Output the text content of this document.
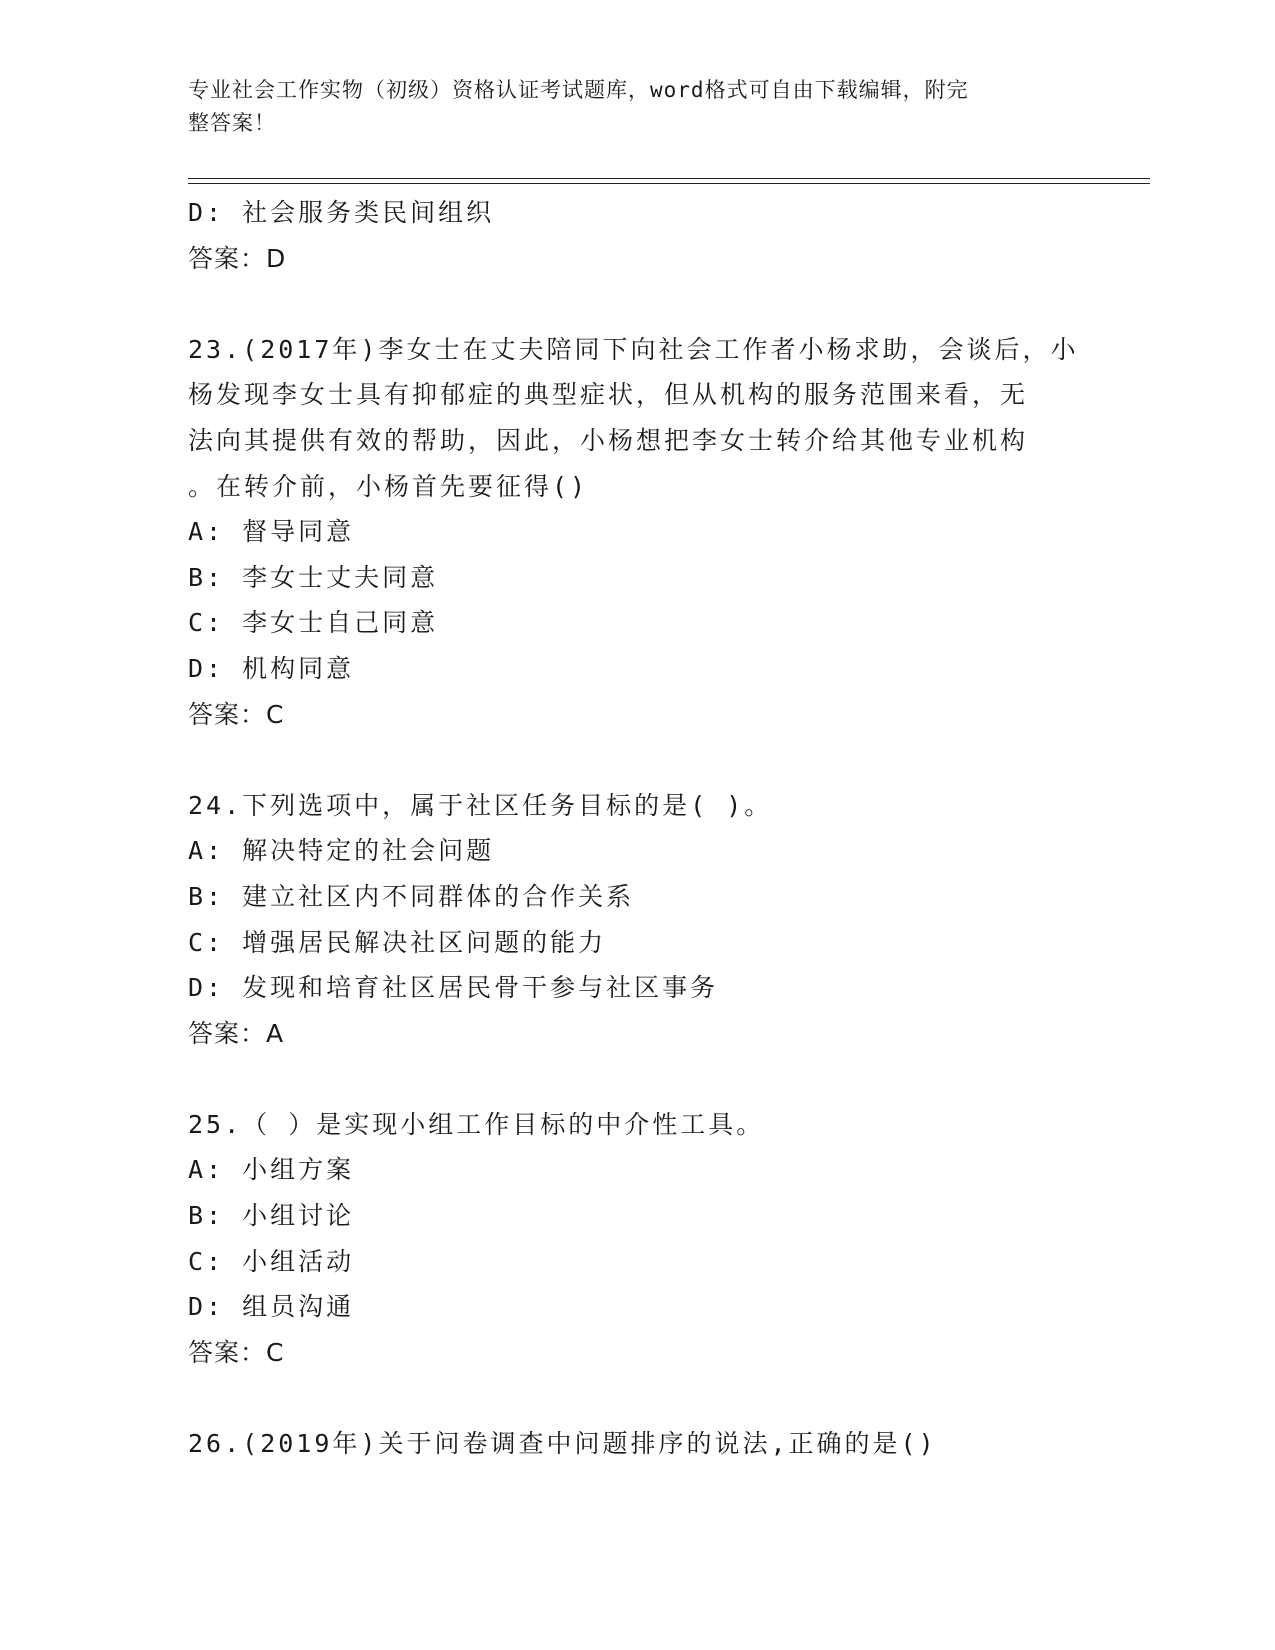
专业社会工作实物（初级）资格认证考试题库，word格式可自由下载编辑，附完
整答案！
D: 社会服务类民间组织
答案：D
23.(2017年)李女士在丈夫陪同下向社会工作者小杨求助，会谈后，小
杨发现李女士具有抑郁症的典型症状，但从机构的服务范围来看，无
法向其提供有效的帮助，因此，小杨想把李女士转介给其他专业机构
。在转介前，小杨首先要征得()
A: 督导同意
B: 李女士丈夫同意
C: 李女士自己同意
D: 机构同意
答案：C
24.下列选项中，属于社区任务目标的是( )。
A: 解决特定的社会问题
B: 建立社区内不同群体的合作关系
C: 增强居民解决社区问题的能力
D: 发现和培育社区居民骨干参与社区事务
答案：A
25.（ ）是实现小组工作目标的中介性工具。
A: 小组方案
B: 小组讨论
C: 小组活动
D: 组员沟通
答案：C
26.(2019年)关于问卷调查中问题排序的说法,正确的是()
